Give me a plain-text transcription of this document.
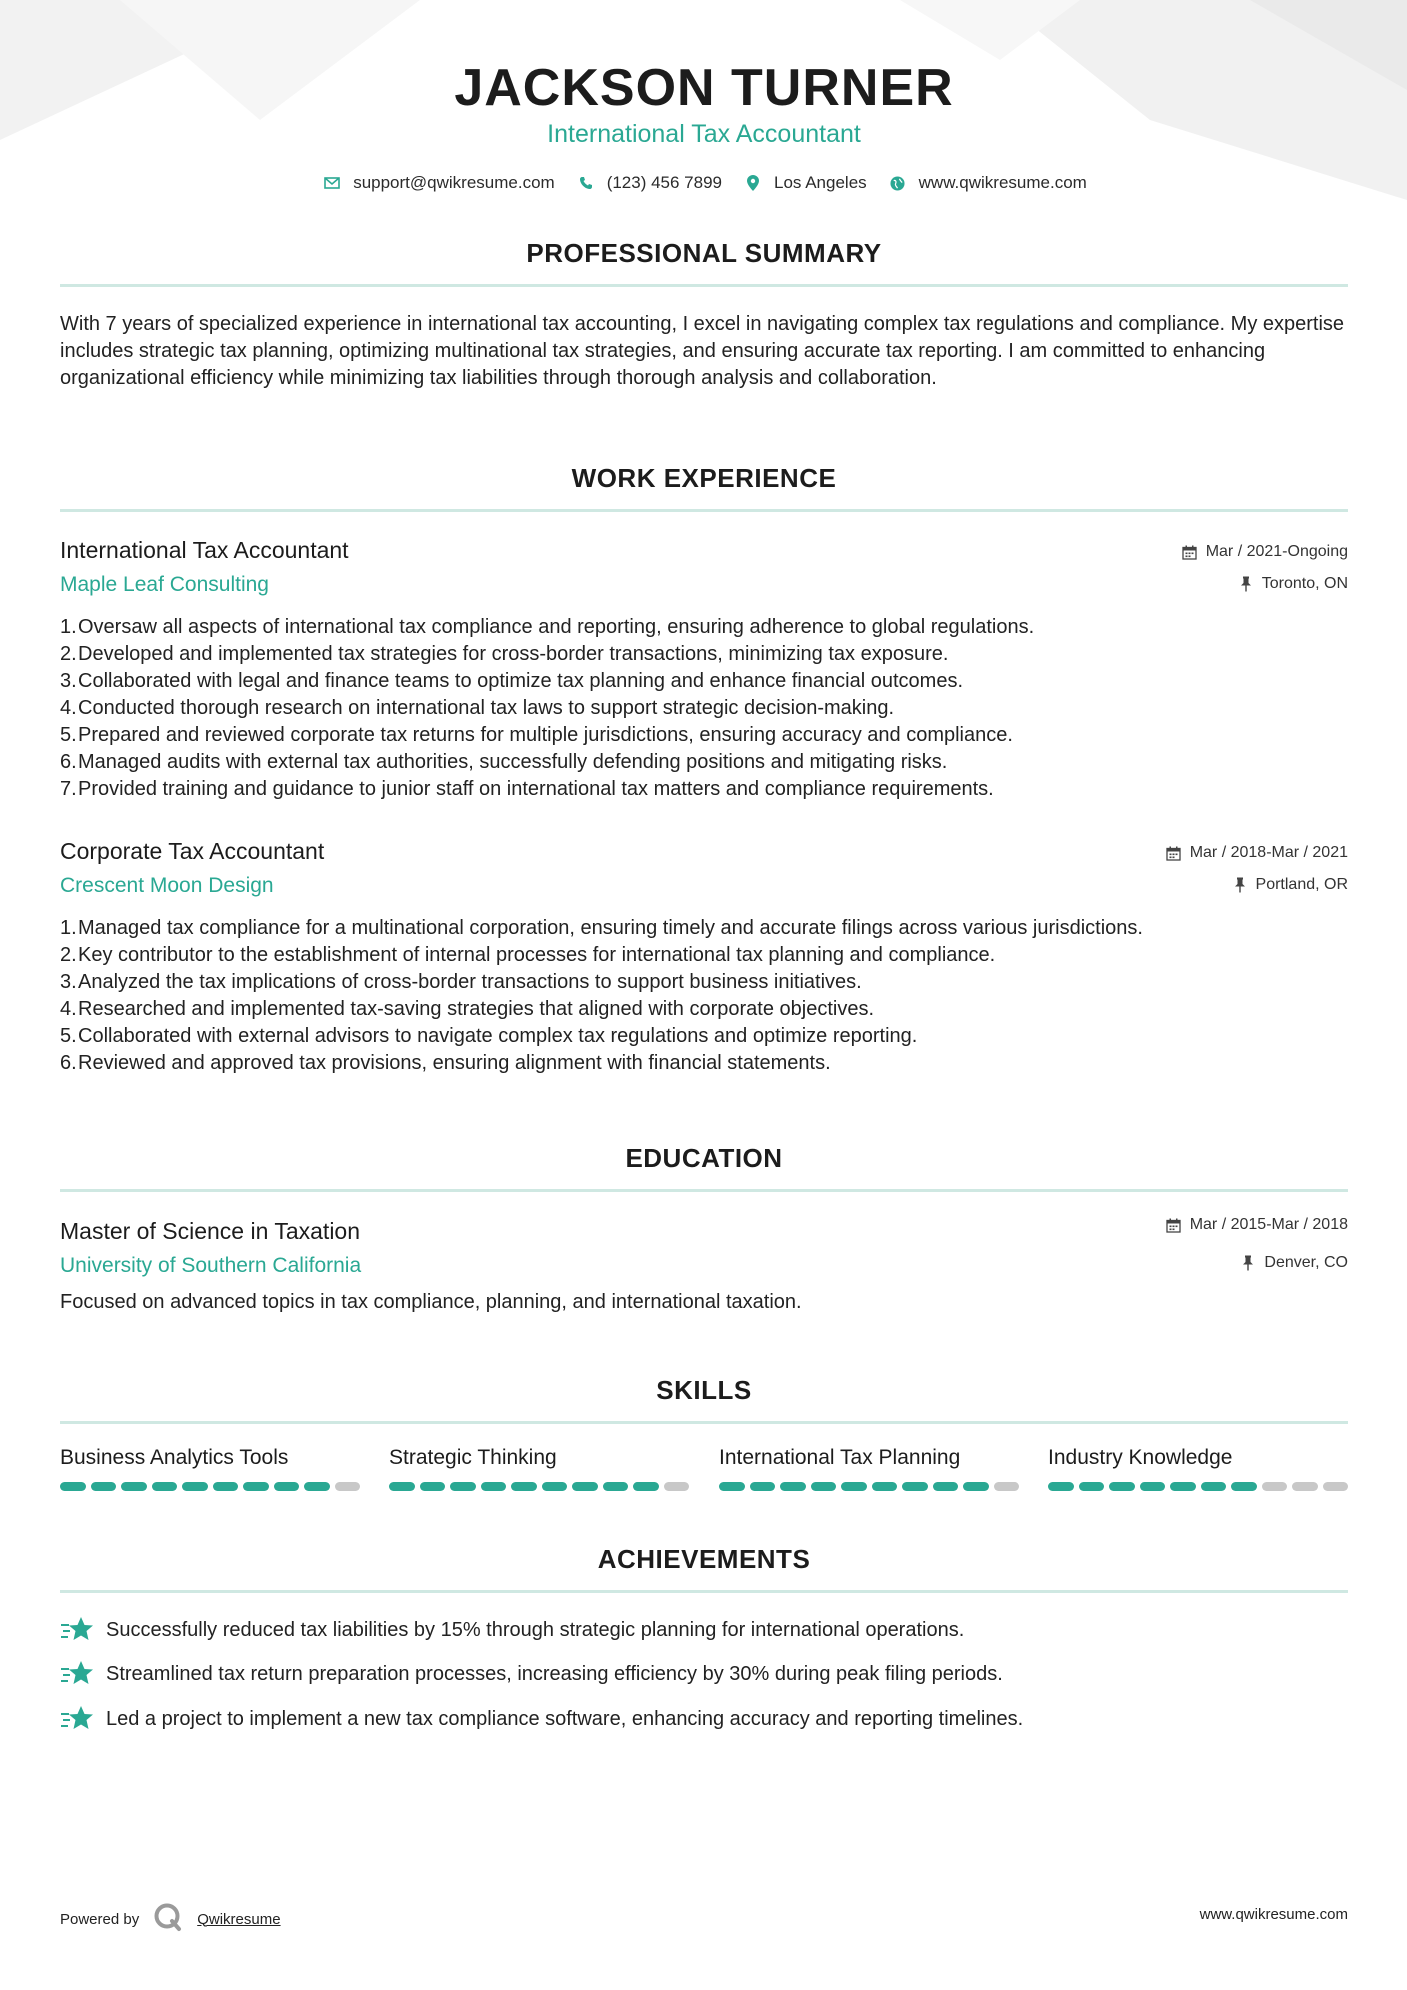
JACKSON TURNER
International Tax Accountant
support@qwikresume.com	(123) 456 7899	Los Angeles	www.qwikresume.com
PROFESSIONAL SUMMARY
With 7 years of specialized experience in international tax accounting, I excel in navigating complex tax regulations and compliance. My expertise includes strategic tax planning, optimizing multinational tax strategies, and ensuring accurate tax reporting. I am committed to enhancing organizational efficiency while minimizing tax liabilities through thorough analysis and collaboration.
WORK EXPERIENCE
International Tax Accountant
Maple Leaf Consulting
Mar / 2021-Ongoing
Toronto, ON
1. Oversaw all aspects of international tax compliance and reporting, ensuring adherence to global regulations.
2. Developed and implemented tax strategies for cross-border transactions, minimizing tax exposure.
3. Collaborated with legal and finance teams to optimize tax planning and enhance financial outcomes.
4. Conducted thorough research on international tax laws to support strategic decision-making.
5. Prepared and reviewed corporate tax returns for multiple jurisdictions, ensuring accuracy and compliance.
6. Managed audits with external tax authorities, successfully defending positions and mitigating risks.
7. Provided training and guidance to junior staff on international tax matters and compliance requirements.
Corporate Tax Accountant
Crescent Moon Design
Mar / 2018-Mar / 2021
Portland, OR
1. Managed tax compliance for a multinational corporation, ensuring timely and accurate filings across various jurisdictions.
2. Key contributor to the establishment of internal processes for international tax planning and compliance.
3. Analyzed the tax implications of cross-border transactions to support business initiatives.
4. Researched and implemented tax-saving strategies that aligned with corporate objectives.
5. Collaborated with external advisors to navigate complex tax regulations and optimize reporting.
6. Reviewed and approved tax provisions, ensuring alignment with financial statements.
EDUCATION
Master of Science in Taxation
University of Southern California
Mar / 2015-Mar / 2018
Denver, CO
Focused on advanced topics in tax compliance, planning, and international taxation.
SKILLS
Business Analytics Tools	Strategic Thinking	International Tax Planning	Industry Knowledge
ACHIEVEMENTS
Successfully reduced tax liabilities by 15% through strategic planning for international operations.
Streamlined tax return preparation processes, increasing efficiency by 30% during peak filing periods.
Led a project to implement a new tax compliance software, enhancing accuracy and reporting timelines.
Powered by	Qwikresume	www.qwikresume.com
